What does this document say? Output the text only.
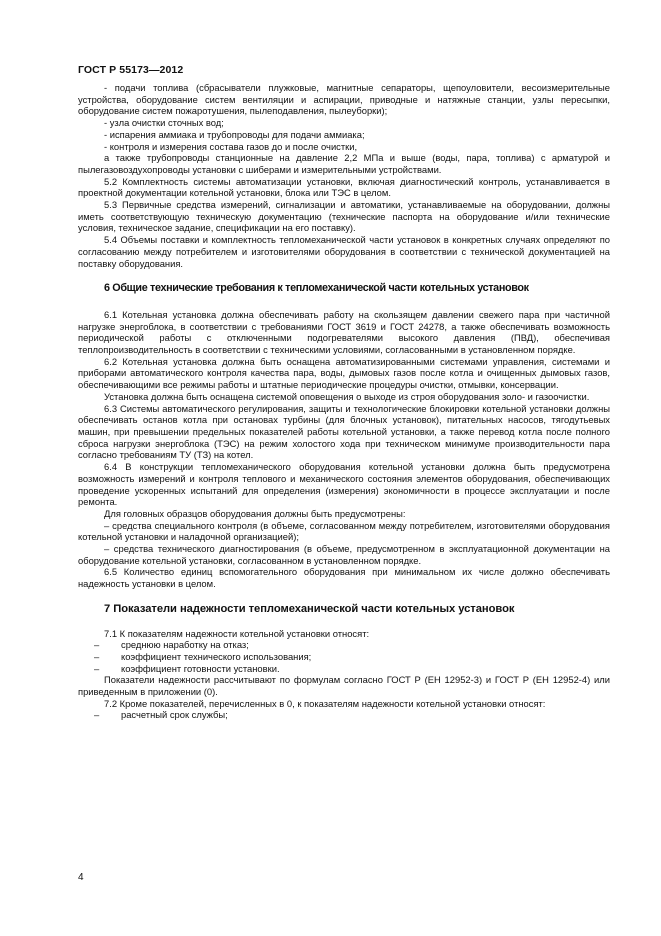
ГОСТ Р 55173—2012

- подачи топлива (сбрасыватели плужковые, магнитные сепараторы, щепоуловители, весоизмерительные устройства, оборудование систем вентиляции и аспирации, приводные и натяжные станции, узлы пересыпки, оборудование систем пожаротушения, пылеподавления, пылеуборки);

- узла очистки сточных вод;

- испарения аммиака и трубопроводы для подачи аммиака;

- контроля и измерения состава газов до и после очистки,

а также трубопроводы станционные на давление 2,2 МПа и выше (воды, пара, топлива) с арматурой и пылегазовоздухопроводы установки с шиберами и измерительными устройствами.

5.2 Комплектность системы автоматизации установки, включая диагностический контроль, устанавливается в проектной документации котельной установки, блока или ТЭС в целом.

5.3 Первичные средства измерений, сигнализации и автоматики, устанавливаемые на оборудовании, должны иметь соответствующую техническую документацию (технические паспорта на оборудование и/или технические условия, техническое задание, спецификации на его поставку).

5.4 Объемы поставки и комплектность тепломеханической части установок в конкретных случаях определяют по согласованию между потребителем и изготовителями оборудования в соответствии с технической документацией на поставку оборудования.

6 Общие технические требования к тепломеханической части котельных установок

6.1 Котельная установка должна обеспечивать работу на скользящем давлении свежего пара при частичной нагрузке энергоблока, в соответствии с требованиями ГОСТ 3619 и ГОСТ 24278, а также обеспечивать возможность периодической работы с отключенными подогревателями высокого давления (ПВД), обеспечивая теплопроизводительность в соответствии с техническими условиями, согласованными в установленном порядке.

6.2 Котельная установка должна быть оснащена автоматизированными системами управления, системами и приборами автоматического контроля качества пара, воды, дымовых газов после котла и очищенных дымовых газов, обеспечивающими все режимы работы и штатные периодические процедуры очистки, отмывки, консервации.

Установка должна быть оснащена системой оповещения о выходе из строя оборудования золо- и газоочистки.

6.3 Системы автоматического регулирования, защиты и технологические блокировки котельной установки должны обеспечивать останов котла при остановах турбины (для блочных установок), питательных насосов, тягодутьевых машин, при превышении предельных показателей работы котельной установки, а также перевод котла после полного сброса нагрузки энергоблока (ТЭС) на режим холостого хода при техническом минимуме производительности пара согласно требованиям ТУ (ТЗ) на котел.

6.4 В конструкции тепломеханического оборудования котельной установки должна быть предусмотрена возможность измерений и контроля теплового и механического состояния элементов оборудования, обеспечивающих проведение ускоренных испытаний для определения (измерения) экономичности в процессе эксплуатации и после ремонта.

Для головных образцов оборудования должны быть предусмотрены:

– средства специального контроля (в объеме, согласованном между потребителем, изготовителями оборудования котельной установки и наладочной организацией);

– средства технического диагностирования (в объеме, предусмотренном в эксплуатационной документации на оборудование котельной установки, согласованном в установленном порядке.

6.5 Количество единиц вспомогательного оборудования при минимальном их числе должно обеспечивать надежность установки в целом.

7 Показатели надежности тепломеханической части котельных установок

7.1 К показателям надежности котельной установки относят:

– среднюю наработку на отказ;

– коэффициент технического использования;

– коэффициент готовности установки.

Показатели надежности рассчитывают по формулам согласно ГОСТ Р (ЕН 12952-3) и ГОСТ Р (ЕН 12952-4) или приведенным в приложении (0).

7.2 Кроме показателей, перечисленных в 0, к показателям надежности котельной установки относят:

– расчетный срок службы;

4
